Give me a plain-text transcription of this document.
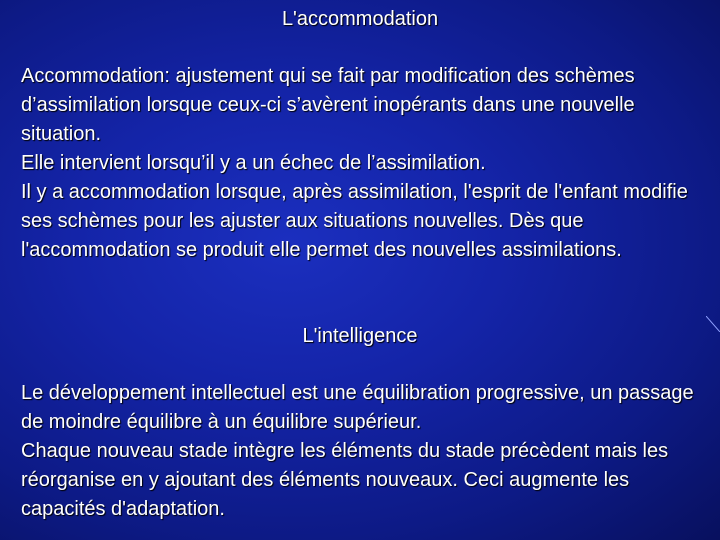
L'accommodation

Accommodation: ajustement qui se fait par modification des schèmes d’assimilation lorsque ceux-ci s’avèrent inopérants dans une nouvelle situation.

Elle intervient lorsqu’il y a un échec de l’assimilation.

Il y a accommodation lorsque, après assimilation, l'esprit de l'enfant modifie ses schèmes pour les ajuster aux situations nouvelles. Dès que l'accommodation se produit elle permet des nouvelles assimilations.

L'intelligence

Le développement intellectuel est une équilibration progressive, un passage de moindre équilibre à un équilibre supérieur.

Chaque nouveau stade intègre les éléments du stade précèdent mais les réorganise en y ajoutant des éléments nouveaux. Ceci augmente les capacités d'adaptation.
